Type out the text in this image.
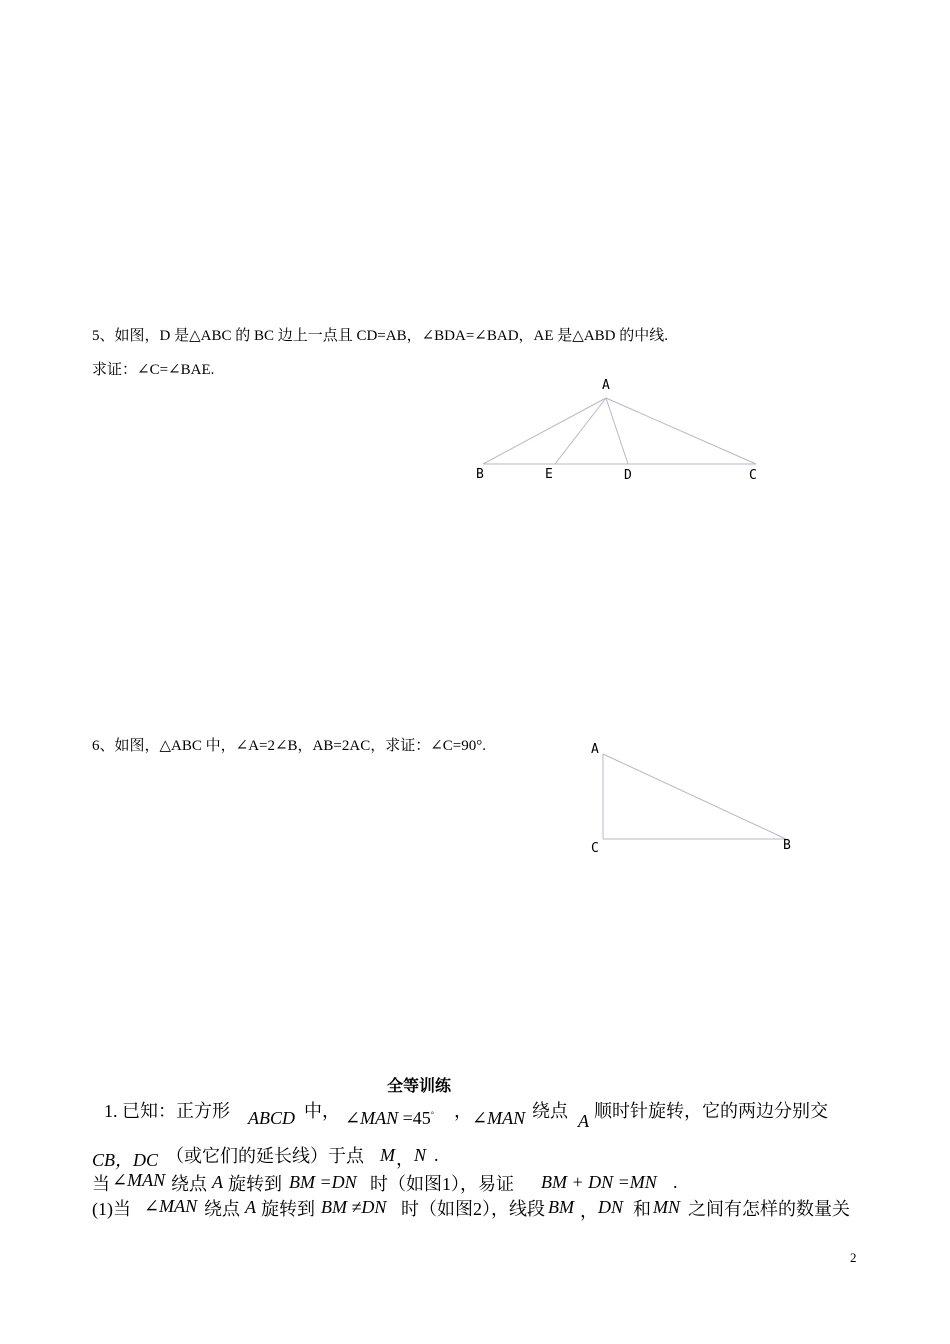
5、如图，D 是△ABC 的 BC 边上一点且 CD=AB，∠BDA=∠BAD，AE 是△ABD 的中线.
求证：∠C=∠BAE.
A
B	E	D	C
6、如图，△ABC 中，∠A=2∠B，AB=2AC，求证：∠C=90°.	A
C	B
全等训练
1. 已知：正方形 ABCD 中， ∠MAN =45° ， ∠MAN 绕点 A 顺时针旋转，它的两边分别交
CB，DC （或它们的延长线）于点 M ， N .
当 ∠MAN 绕点 A 旋转到 BM =DN 时（如图1），易证 BM + DN =MN .
(1)当 ∠MAN 绕点 A 旋转到 BM ≠DN 时（如图2），线段 BM ， DN 和 MN 之间有怎样的数量关
2
